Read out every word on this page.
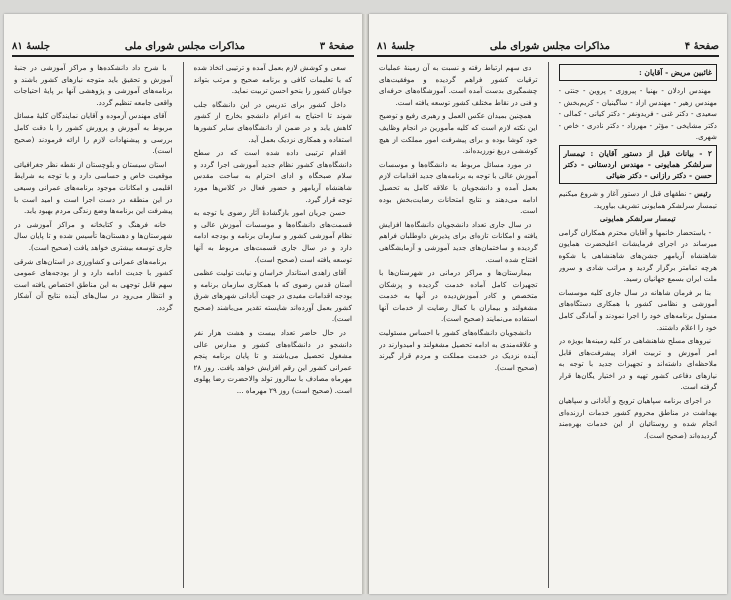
صفحهٔ ۳
مذاکرات مجلس شورای ملی
جلسهٔ ۸۱

سعی و کوشش لازم بعمل آمده و ترتیبی اتخاذ شده که با تعلیمات کافی و برنامه صحیح و مرتب بتواند جوانان کشور را بنحو احسن تربیت نماید.

داخل کشور برای تدریس در این دانشگاه جلب شوند تا احتیاج به اعزام دانشجو بخارج از کشور کاهش یابد و در ضمن از دانشگاه‌های سایر کشورها استفاده و همکاری نزدیک بعمل آید.

اقدام ترتیبی داده شده است که در سطح دانشگاه‌های کشور نظام جدید آموزشی اجرا گردد و سلام صبحگاه و ادای احترام به ساحت مقدس شاهنشاه آریامهر و حضور فعال در کلاس‌ها مورد توجه قرار گیرد.

حسن جریان امور بازگشادهٔ آثار رضوی با توجه به قسمت‌های دانشگاه‌ها و موسسات آموزش عالی و نظام آموزشی کشور و سازمان برنامه و بودجه ادامه دارد و در سال جاری قسمت‌های مربوط به آنها توسعه یافته است (صحیح است).

آقای زاهدی استاندار خراسان و نیابت تولیت عظمی آستان قدس رضوی که با همکاری سازمان برنامه و بودجه اقدامات مفیدی در جهت آبادانی شهرهای شرق کشور بعمل آورده‌اند شایسته تقدیر می‌باشند (صحیح است).

در حال حاضر تعداد بیست و هشت هزار نفر دانشجو در دانشگاه‌های کشور و مدارس عالی مشغول تحصیل می‌باشند و تا پایان برنامه پنجم عمرانی کشور این رقم افزایش خواهد یافت. روز ۲۸ مهرماه مصادف با سالروز تولد والاحضرت رضا پهلوی است. (صحیح است) روز ۲۹ مهرماه ...

با شرح داد دانشکده‌ها و مراکز آموزشی در جنبهٔ آموزش و تحقیق باید متوجه نیازهای کشور باشند و برنامه‌های آموزشی و پژوهشی آنها بر پایهٔ احتیاجات واقعی جامعه تنظیم گردد.

آقای مهندس آزموده و آقایان نمایندگان کلیهٔ مسائل مربوط به آموزش و پرورش کشور را با دقت کامل بررسی و پیشنهادات لازم را ارائه فرمودند (صحیح است).

استان سیستان و بلوچستان از نقطه نظر جغرافیائی موقعیت خاص و حساسی دارد و با توجه به شرایط اقلیمی و امکانات موجود برنامه‌های عمرانی وسیعی در این منطقه در دست اجرا است و امید است با پیشرفت این برنامه‌ها وضع زندگی مردم بهبود یابد.

خانه فرهنگ و کتابخانه و مراکز آموزشی در شهرستان‌ها و دهستان‌ها تأسیس شده و تا پایان سال جاری توسعه بیشتری خواهد یافت (صحیح است).

برنامه‌های عمرانی و کشاورزی در استان‌های شرقی کشور با جدیت ادامه دارد و از بودجه‌های عمومی سهم قابل توجهی به این مناطق اختصاص یافته است و انتظار می‌رود در سال‌های آینده نتایج آن آشکار گردد.

صفحهٔ ۴
مذاکرات مجلس شورای ملی
جلسهٔ ۸۱
غائبین مریض - آقایان :

مهندس اردلان - بهنیا - پیروزی - پروین - جنتی - مهندس زهیر - مهندس ازاد - ساگینیان - کریم‌بخش - سعیدی - دکتر غنی - فریدونفر - دکتر کیانی - کمالی - دکتر مشایخی - مؤثر - مهرزاد - دکتر نادری - خاص - شهری.

۲ - بیانات قبل از دستور آقایان : تیمسار سرلشکر همایونی - مهندس اردستانی - دکتر حسن - دکتر رازانی - دکتر ضیائی

رئیس - نطقهای قبل از دستور آغاز و شروع میکنیم تیمسار سرلشکر همایونی تشریف بیاورید.

تیمسار سرلشکر همایونی

- باستحضار خانمها و آقایان محترم همکاران گرامی میرساند در اجرای فرمایشات اعلیحضرت همایون شاهنشاه آریامهر جشن‌های شاهنشاهی با شکوه هرچه تمامتر برگزار گردید و مراتب شادی و سرور ملت ایران بسمع جهانیان رسید.

بنا بر فرمان شاهانه در سال جاری کلیه موسسات آموزشی و نظامی کشور با همکاری دستگاه‌های مسئول برنامه‌های خود را اجرا نمودند و آمادگی کامل خود را اعلام داشتند.

نیروهای مسلح شاهنشاهی در کلیه زمینه‌ها بویژه در امر آموزش و تربیت افراد پیشرفت‌های قابل ملاحظه‌ای داشته‌اند و تجهیزات جدید با توجه به نیازهای دفاعی کشور تهیه و در اختیار یگان‌ها قرار گرفته است.

در اجرای برنامه سپاهیان ترویج و آبادانی و سپاهیان بهداشت در مناطق محروم کشور خدمات ارزنده‌ای انجام شده و روستائیان از این خدمات بهره‌مند گردیده‌اند (صحیح است).

دی سهم ارتباط رفته و نسبت به آن زمینهٔ عملیات ترقیات کشور فراهم گردیده و موفقیت‌های چشمگیری بدست آمده است. آموزشگاه‌های حرفه‌ای و فنی در نقاط مختلف کشور توسعه یافته است.

همچنین بمیدان عکس العمل و رهبری رفیع و توضیح این نکته لازم است که کلیه مأمورین در انجام وظایف خود کوشا بوده و برای پیشرفت امور مملکت از هیچ کوششی دریغ نورزیده‌اند.

در مورد مسائل مربوط به دانشگاه‌ها و موسسات آموزش عالی با توجه به برنامه‌های جدید اقدامات لازم بعمل آمده و دانشجویان با علاقه کامل به تحصیل ادامه می‌دهند و نتایج امتحانات رضایت‌بخش بوده است.

در سال جاری تعداد دانشجویان دانشگاه‌ها افزایش یافته و امکانات تازه‌ای برای پذیرش داوطلبان فراهم گردیده و ساختمان‌های جدید آموزشی و آزمایشگاهی افتتاح شده است.

بیمارستان‌ها و مراکز درمانی در شهرستان‌ها با تجهیزات کامل آماده خدمت گردیده و پزشکان متخصص و کادر آموزش‌دیده در آنها به خدمت مشغولند و بیماران با کمال رضایت از خدمات آنها استفاده می‌نمایند (صحیح است).

دانشجویان دانشگاه‌های کشور با احساس مسئولیت و علاقه‌مندی به ادامه تحصیل مشغولند و امیدوارند در آینده نزدیک در خدمت مملکت و مردم قرار گیرند (صحیح است).
